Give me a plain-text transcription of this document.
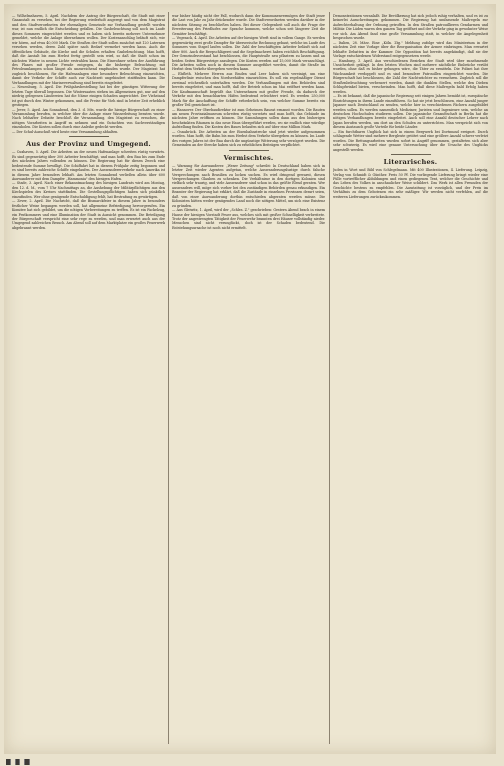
— Wilhelmshaven, 5. April. Nachdem der Antrag der Bürgerschaft, die Stadt mit einer Gasanstalt zu versehen, bei der Regierung wiederholt angeregt und von dem Magistrat und den Stadtverordneten der ehemaligen Gemeinde zur Verhandlung gestellt worden war, ist nun endlich die Entscheidung gefallen. Die Gasbeleuchtung soll noch im Laufe dieses Sommers eingerichtet werden und es haben sich bereits mehrere Unternehmer gemeldet, welche die Anlage übernehmen wollen. Der Kostenanschlag beläuft sich, wie wir hören, auf etwa 40,000 Mark. Die Straßen der Stadt sollen zunächst mit 120 Laternen versehen werden, deren Zahl später nach Bedarf vermehrt werden kann. Auch die öffentlichen Gebäude, die Kirche und die Schulen erhalten Gasbeleuchtung. Man hofft, daß die Anstalt bis zum Herbst fertig gestellt sein wird, so daß die Stadt schon im nächsten Winter in neuem Lichte erstrahlen kann. Die Einwohner sehen der Ausführung des Planes mit großer Freude entgegen, da die bisherige Beleuchtung mit Petroleumlampen schon längst als unzureichend empfunden wurde. Der Magistrat hat zugleich beschlossen, für die Hafenanlagen eine besondere Beleuchtung einzurichten, damit der Verkehr der Schiffe auch zur Nachtzeit ungehindert stattfinden kann. Die Verhandlungen mit der Marineverwaltung sind bereits eingeleitet.

— Neuenburg, 5. April. Die Frühjahrsbestellung hat bei der günstigen Witterung der letzten Tage überall begonnen. Die Wintersaaten stehen im Allgemeinen gut, nur auf den niedrig gelegenen Ländereien hat die Nässe einigen Schaden angerichtet. Der Viehstand ist gut durch den Winter gekommen, und die Preise für Vieh sind in letzter Zeit erheblich gestiegen.

— Jever, 5. April. Am Sonnabend, den 3. d. Mts. wurde die hiesige Bürgerschaft zu einer Versammlung berufen, in welcher über die Anlage einer Wasserleitung beraten wurde. Nach lebhafter Debatte beschloß die Versammlung, den Magistrat zu ersuchen, die nötigen Vorarbeiten in Angriff zu nehmen und ein Gutachten von Sachverständigen einzuholen. Die Kosten sollen durch eine Anleihe gedeckt werden.

— Der Schul-Ausschuß wird heute eine Versammlung abhalten.

Aus der Provinz und Umgegend.

— Cuxhaven, 5. April. Die Arbeiten an der neuen Hafenanlage schreiten rüstig vorwärts. Es sind gegenwärtig über 300 Arbeiter beschäftigt, und man hofft, den Bau bis zum Ende des nächsten Jahres vollenden zu können. Die Regierung hat für diesen Zweck eine bedeutende Summe bewilligt. Die Schiffahrt hat in diesem Frühjahr zeitig begonnen und es sind bereits zahlreiche Schiffe eingelaufen. Der Auswandererverkehr nach Amerika ist in diesem Jahre besonders lebhaft. Am letzten Sonnabend verließen allein über 600 Auswanderer mit dem Dampfer „Hammonia" den hiesigen Hafen.

— Stade, 3. April. Nach einer Bekanntmachung des hiesigen Landrats wird am Montag, den 12. d. M., vom 7 Uhr Nachmittags an, die Aushebung der Militärpflichtigen aus den Kirchspielen des Kreises stattfinden. Die Gestellungspflichtigen haben sich pünktlich einzufinden. Wer ohne genügende Entschuldigung fehlt, hat Bestrafung zu gewärtigen.

— Zever, 2. April. Die Nachricht, daß die Bismarckfeier in diesem Jahre in besonders festlicher Weise begangen werden soll, hat allgemeine Befriedigung hervorgerufen. Ein Komitee hat sich gebildet, um die nötigen Vorbereitungen zu treffen. Es ist ein Fackelzug, ein Festkommers und eine Illumination der Stadt in Aussicht genommen. Die Beteiligung der Bürgerschaft verspricht eine sehr rege zu werden, und man erwartet auch aus der Umgegend zahlreichen Besuch. Am Abend soll auf dem Marktplatze ein großes Feuerwerk abgebrannt werden.

war bisher häufig nicht der Fall, wodurch dann der Kommunenvermögen der Stadt jener die Last von Jahr zu Jahr drückender wurde. Die Stadtverordneten werden darüber in der nächsten Sitzung zu beschließen haben. Bei dieser Gelegenheit soll auch die Frage der Erweiterung des Friedhofes zur Sprache kommen, welche schon seit längerer Zeit die Gemüter beschäftigt.

— Vegesack, 4. April. Die Arbeiten auf der hiesigen Werft sind in vollem Gange. Es werden gegenwärtig zwei große Dampfer für überseeische Rechnung gebaut, welche im Laufe des Sommers vom Stapel laufen sollen. Die Zahl der beschäftigten Arbeiter beläuft sich auf über 800. Auch die Reepschlägerei und die Segelmacherei haben reichlich Beschäftigung. Der Gemeindevorstand hat beschlossen, die Hauptstraße neu pflastern zu lassen und an beiden Seiten Bürgersteige anzulegen. Die Kosten werden auf 15,000 Mark veranschlagt. Die Arbeiten sollen noch in diesem Sommer ausgeführt werden, damit die Straße im Herbst dem Verkehr übergeben werden kann.

— Elsfleth. Mehrere Herren aus Emden und Leer haben sich vereinigt, um eine Dampferlinie zwischen den Nordseehäfen einzurichten. Es soll ein regelmäßiger Dienst zweimal wöchentlich unterhalten werden. Die Verhandlungen mit den Behörden sind bereits eingeleitet, und man hofft, daß der Betrieb schon im Mai eröffnet werden kann. Die Kaufmannschaft begrüßt das Unternehmen mit großer Freude, da dadurch der Verkehr mit den benachbarten Häfen bedeutend erleichtert wird. Es werden 250,000 Mark für die Anschaffung der Schiffe erforderlich sein, von welcher Summe bereits ein großer Teil gezeichnet ist.

— Hannover. Der Oberbaudirektor ist zum Geheimen Baurat ernannt worden. Die Bauten am neuen Provinzialmuseum schreiten rüstig vorwärts und man hofft, das Gebäude im nächsten Jahre eröffnen zu können. Die Sammlungen sollen dann aus den bisherigen beschränkten Räumen in das neue Haus übergeführt werden, wo sie endlich eine würdige Aufstellung finden. Die Kosten des Baues belaufen sich auf über eine Million Mark.

— Osnabrück. Die Arbeiten an der Eisenbahnstrecke sind jetzt wieder aufgenommen worden. Man hofft, die Bahn bis zum Herbst dem Verkehr übergeben zu können. Im Laufe des vorigen Jahres ist der Bau durch die ungünstige Witterung sehr verzögert worden. Die Gemeinden an der Strecke haben sich zu erheblichen Beiträgen verpflichtet.

Vermischtes.

— Warnung für Auswanderer. „Weser Zeitung" schreibt: In Deutschland haben sich in letzter Zeit wieder Agenten aufgetan, welche Auswanderungslustige durch falsche Versprechungen nach Brasilien zu locken suchen. Es wird dringend gewarnt, diesen Versprechungen Glauben zu schenken. Die Verhältnisse in den dortigen Kolonien sind vielfach sehr traurig, und viele Auswanderer sind schon in das größte Elend geraten. Wer auswandern will, möge sich vorher bei den zuständigen Behörden genau erkundigen. Ein Beamter der Regierung hat erklärt, daß die Zustände in einzelnen Provinzen derart seien, daß von einer Auswanderung dorthin entschieden abgeraten werden müsse. Die Kolonisten hätten weder genügendes Land noch die nötigen Mittel, um sich eine Existenz zu gründen.

— Aus Gleiwitz, 1. April, wird der „Schles. Z." geschrieben: Gestern Abend brach in einem Hause der hiesigen Vorstadt Feuer aus, welches sich mit großer Schnelligkeit verbreitete. Trotz der angestrengten Tätigkeit der Feuerwehr brannten drei Häuser vollständig nieder. Menschen sind nicht verunglückt, doch ist der Schaden bedeutend. Die Entstehungsursache ist noch nicht ermittelt.

Demonstrationen veranlaßt. Die Bevölkerung hat sich jedoch ruhig verhalten, und es ist zu keinerlei Ausschreitungen gekommen. Die Regierung hat umfassende Maßregeln zur Aufrechterhaltung der Ordnung getroffen. In den Straßen patrouillieren Gendarmen und Militär. Die Läden waren den ganzen Tag geöffnet und der Verkehr ging in gewohnter Weise vor sich. Am Abend fand eine große Versammlung statt, in welcher die Angelegenheit besprochen wurde.

— Italien, 28. März. Eine „Köln. Ztg." Meldung zufolge wird das Ministerium in der nächsten Zeit eine Vorlage über die Reorganisation der Armee einbringen. Man erwartet lebhafte Debatten in der Kammer. Die Opposition hat bereits angekündigt, daß sie der Vorlage entschiedenen Widerstand entgegensetzen werde.

— Hamburg, 3. April. Aus verschiedenen Bezirken der Stadt wird über zunehmende Unsicherheit geklagt. In den letzten Wochen sind mehrere nächtliche Einbrüche verübt worden, ohne daß es bisher gelungen wäre, die Täter zu ermitteln. Die Polizei hat ihre Wachsamkeit verdoppelt und es sind besondere Patrouillen eingerichtet worden. Die Bürgerschaft hat beschlossen, die Zahl der Nachtwächter zu vermehren. Zugleich soll die Straßenbeleuchtung verbessert werden, damit die dunklen Stellen, welche den Dieben Schlupfwinkel bieten, verschwinden. Man hofft, daß diese Maßregeln bald Erfolg haben werden.

— Es ist bekannt, daß die japanische Regierung seit einigen Jahren bemüht ist, europäische Einrichtungen in ihrem Lande einzuführen. So hat sie jetzt beschlossen, eine Anzahl junger Japaner nach Deutschland zu senden, welche hier in verschiedenen Fächern ausgebildet werden sollen. Es werden namentlich Mediziner, Juristen und Ingenieure sein, welche an deutschen Hochschulen studieren sollen. Die japanische Gesandtschaft in Berlin hat die nötigen Verhandlungen bereits eingeleitet. Auch soll eine Anzahl deutscher Lehrer nach Japan berufen werden, um dort an den Schulen zu unterrichten. Man verspricht sich von diesem Austausch große Vorteile für beide Länder.

— Ein furchtbares Unglück hat sich in einem Bergwerk bei Dortmund ereignet. Durch schlagende Wetter sind mehrere Bergleute getötet und eine größere Anzahl schwer verletzt worden. Die Rettungsarbeiten wurden sofort in Angriff genommen, gestalteten sich aber sehr schwierig. Es wird eine genaue Untersuchung über die Ursache des Unglücks angestellt werden.

Literarisches.

Juden in Wort und Bild von Schlegelmann. Mit 400 Illustrationen, 4. Lieferung. Leipzig, Verlag von Schmidt & Günther. Preis 50 Pf. Die vorliegende Lieferung bringt wieder eine Fülle vortrefflicher Abbildungen und einen gediegenen Text, welcher die Geschichte und das Leben des Volkes in anschaulicher Weise schildert. Das Werk ist allen Freunden der Geschichte bestens zu empfehlen. Die Ausstattung ist vorzüglich, und der Preis im Verhältnis zu dem Gebotenen ein sehr mäßiger. Wir werden nicht verfehlen, auf die weiteren Lieferungen zurückzukommen.
